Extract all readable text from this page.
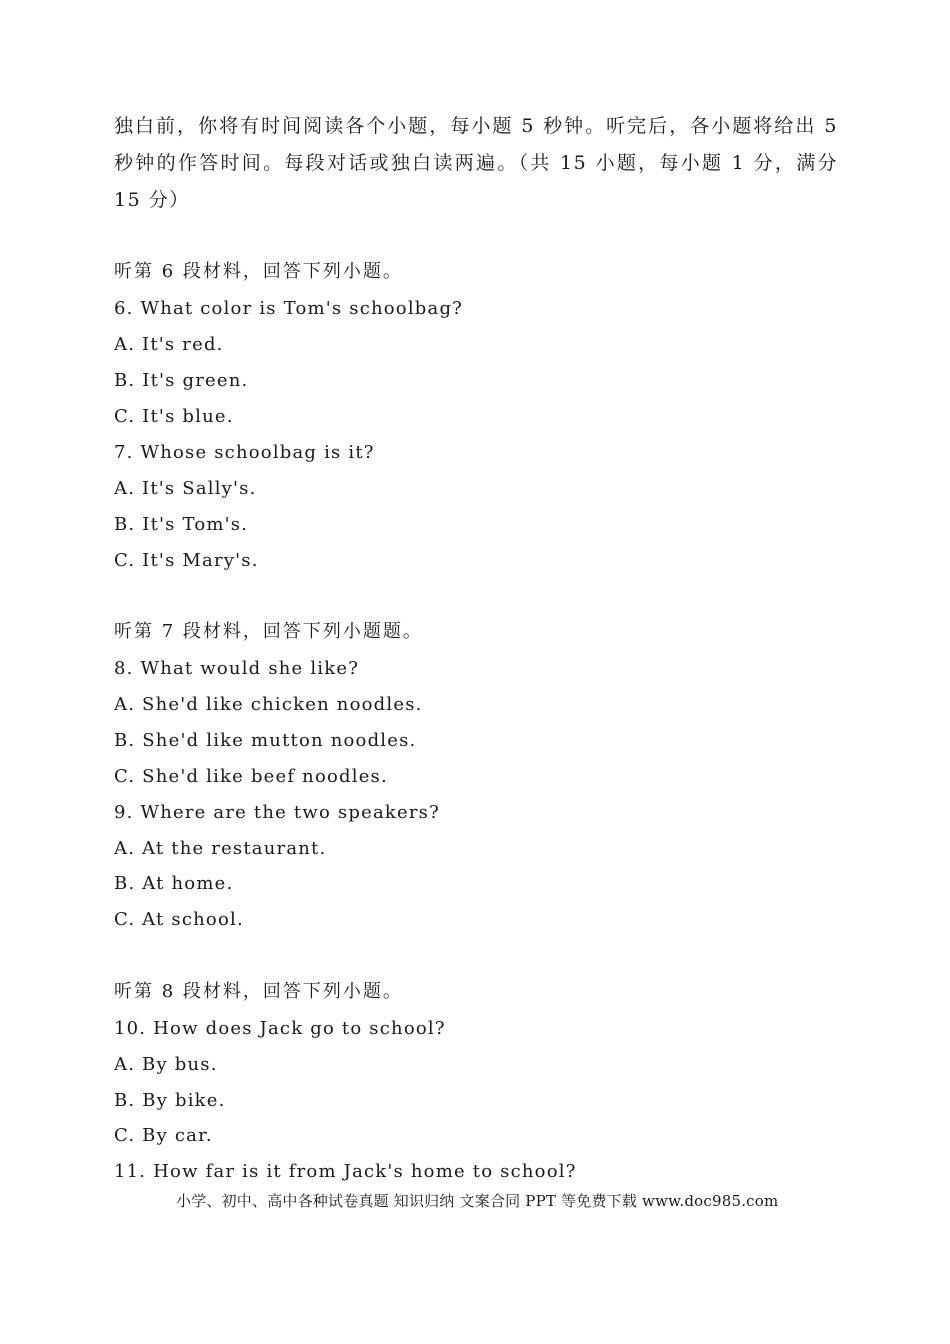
独白前，你将有时间阅读各个小题，每小题 5 秒钟。听完后，各小题将给出 5 秒钟的作答时间。每段对话或独白读两遍。（共 15 小题，每小题 1 分，满分 15 分）
听第 6 段材料，回答下列小题。
6. What color is Tom's schoolbag?
A. It's red.
B. It's green.
C. It's blue.
7. Whose schoolbag is it?
A. It's Sally's.
B. It's Tom's.
C. It's Mary's.
听第 7 段材料，回答下列小题题。
8. What would she like?
A. She'd like chicken noodles.
B. She'd like mutton noodles.
C. She'd like beef noodles.
9. Where are the two speakers?
A. At the restaurant.
B. At home.
C. At school.
听第 8 段材料，回答下列小题。
10. How does Jack go to school?
A. By bus.
B. By bike.
C. By car.
11. How far is it from Jack's home to school?
小学、初中、高中各种试卷真题 知识归纳 文案合同 PPT 等免费下载 www.doc985.com
